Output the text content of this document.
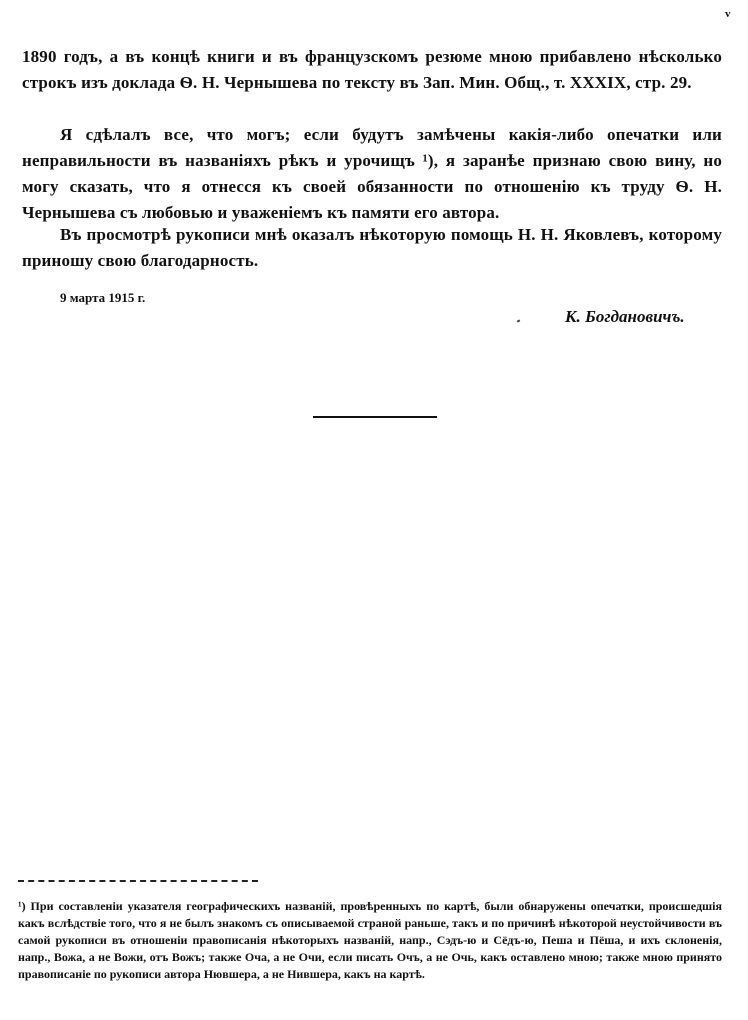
v

1890 годъ, а въ концѣ книги и въ французскомъ резюме мною прибавлено нѣсколько строкъ изъ доклада Ѳ. Н. Чернышева по тексту въ Зап. Мин. Общ., т. XXXIX, стр. 29.

Я сдѣлалъ все, что могъ; если будутъ замѣчены какія-либо опечатки или неправильности въ названіяхъ рѣкъ и урочищъ ¹), я заранѣе признаю свою вину, но могу сказать, что я отнесся къ своей обязанности по отношенію къ труду Ѳ. Н. Чернышева съ любовью и уваженіемъ къ памяти его автора.

Въ просмотрѣ рукописи мнѣ оказалъ нѣкоторую помощь Н. Н. Яковлевъ, которому приношу свою благодарность.

9 марта 1915 г.
К. Богдановичъ.

¹) При составленіи указателя географическихъ названій, провѣренныхъ по картѣ, были обнаружены опечатки, происшедшія какъ вслѣдствіе того, что я не былъ знакомъ съ описываемой страной раньше, такъ и по причинѣ нѣкоторой неустойчивости въ самой рукописи въ отношеніи правописанія нѣкоторыхъ названій, напр., Сэдъ-ю и Сёдъ-ю, Пеша и Пёша, и ихъ склоненія, напр., Вожа, а не Вожи, отъ Вожъ; также Оча, а не Очи, если писать Очъ, а не Очь, какъ оставлено мною; также мною принято правописаніе по рукописи автора Нювшера, а не Нившера, какъ на картѣ.
